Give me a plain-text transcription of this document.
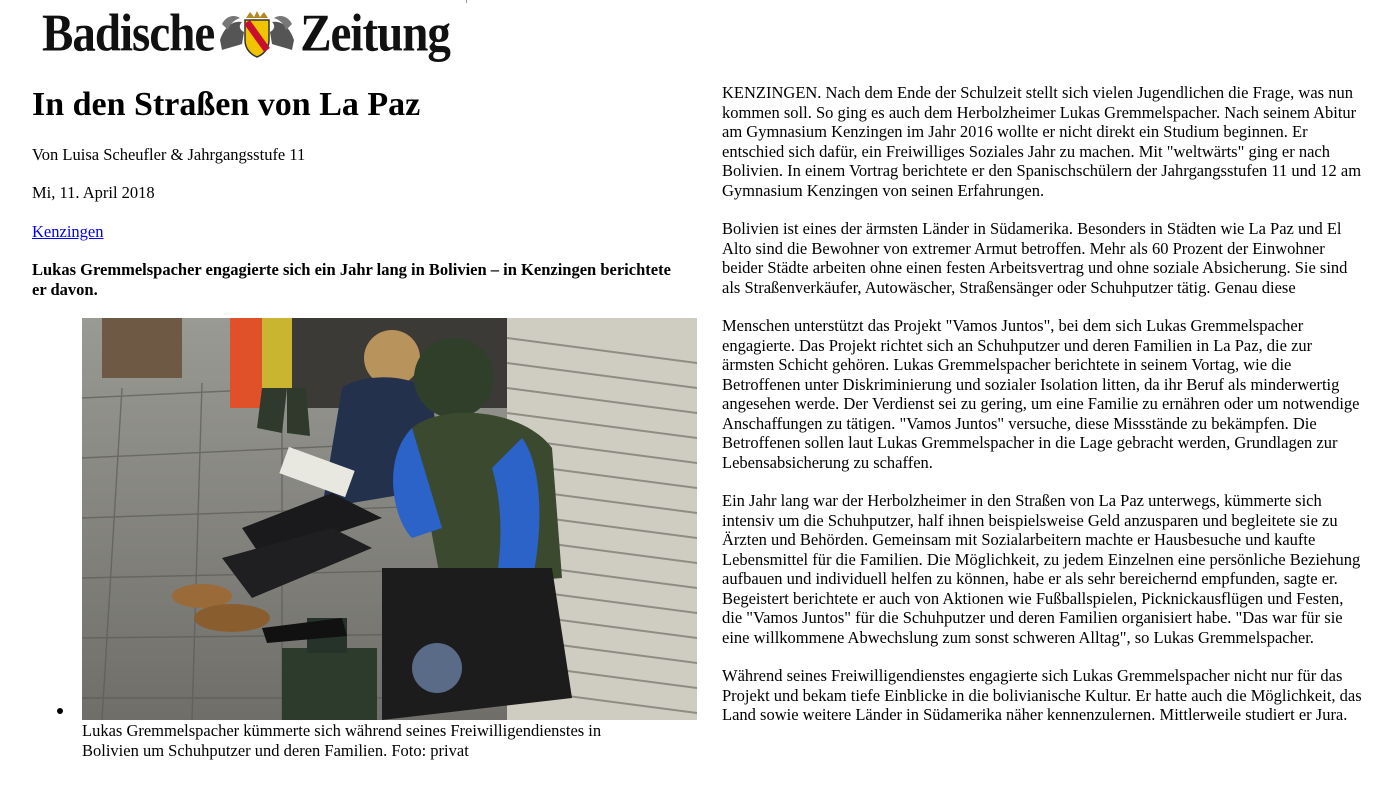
Badische Zeitung
In den Straßen von La Paz
Von Luisa Scheufler & Jahrgangsstufe 11
Mi, 11. April 2018
Kenzingen
Lukas Gremmelspacher engagierte sich ein Jahr lang in Bolivien – in Kenzingen berichtete er davon.
Lukas Gremmelspacher kümmerte sich während seines Freiwilligendienstes in Bolivien um Schuhputzer und deren Familien. Foto: privat

KENZINGEN. Nach dem Ende der Schulzeit stellt sich vielen Jugendlichen die Frage, was nun kommen soll. So ging es auch dem Herbolzheimer Lukas Gremmelspacher. Nach seinem Abitur am Gymnasium Kenzingen im Jahr 2016 wollte er nicht direkt ein Studium beginnen. Er entschied sich dafür, ein Freiwilliges Soziales Jahr zu machen. Mit "weltwärts" ging er nach Bolivien. In einem Vortrag berichtete er den Spanischschülern der Jahrgangsstufen 11 und 12 am Gymnasium Kenzingen von seinen Erfahrungen.

Bolivien ist eines der ärmsten Länder in Südamerika. Besonders in Städten wie La Paz und El Alto sind die Bewohner von extremer Armut betroffen. Mehr als 60 Prozent der Einwohner beider Städte arbeiten ohne einen festen Arbeitsvertrag und ohne soziale Absicherung. Sie sind als Straßenverkäufer, Autowäscher, Straßensänger oder Schuhputzer tätig. Genau diese

Menschen unterstützt das Projekt "Vamos Juntos", bei dem sich Lukas Gremmelspacher engagierte. Das Projekt richtet sich an Schuhputzer und deren Familien in La Paz, die zur ärmsten Schicht gehören. Lukas Gremmelspacher berichtete in seinem Vortag, wie die Betroffenen unter Diskriminierung und sozialer Isolation litten, da ihr Beruf als minderwertig angesehen werde. Der Verdienst sei zu gering, um eine Familie zu ernähren oder um notwendige Anschaffungen zu tätigen. "Vamos Juntos" versuche, diese Missstände zu bekämpfen. Die Betroffenen sollen laut Lukas Gremmelspacher in die Lage gebracht werden, Grundlagen zur Lebensabsicherung zu schaffen.

Ein Jahr lang war der Herbolzheimer in den Straßen von La Paz unterwegs, kümmerte sich intensiv um die Schuhputzer, half ihnen beispielsweise Geld anzusparen und begleitete sie zu Ärzten und Behörden. Gemeinsam mit Sozialarbeitern machte er Hausbesuche und kaufte Lebensmittel für die Familien. Die Möglichkeit, zu jedem Einzelnen eine persönliche Beziehung aufbauen und individuell helfen zu können, habe er als sehr bereichernd empfunden, sagte er. Begeistert berichtete er auch von Aktionen wie Fußballspielen, Picknickausflügen und Festen, die "Vamos Juntos" für die Schuhputzer und deren Familien organisiert habe. "Das war für sie eine willkommene Abwechslung zum sonst schweren Alltag", so Lukas Gremmelspacher.

Während seines Freiwilligendienstes engagierte sich Lukas Gremmelspacher nicht nur für das Projekt und bekam tiefe Einblicke in die bolivianische Kultur. Er hatte auch die Möglichkeit, das Land sowie weitere Länder in Südamerika näher kennenzulernen. Mittlerweile studiert er Jura.
